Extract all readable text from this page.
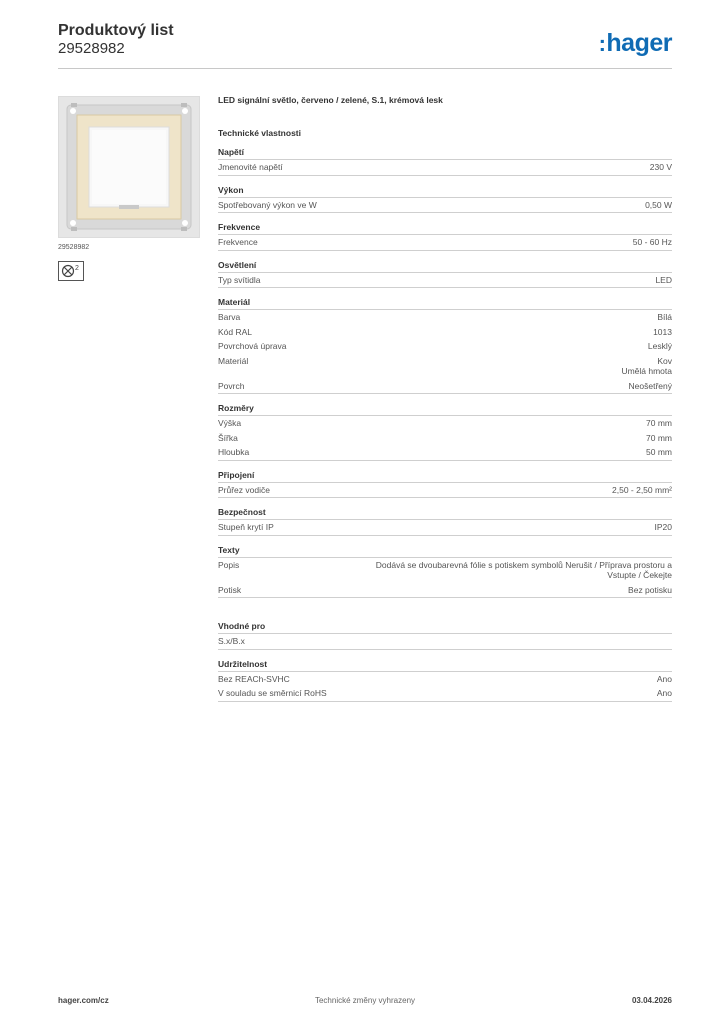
Produktový list
29528982	:hager
29528982
2
LED signální světlo, červeno / zelené, S.1, krémová lesk
Technické vlastnosti
Napětí
Jmenovité napětí	230 V
Výkon
Spotřebovaný výkon ve W	0,50 W
Frekvence
Frekvence	50 - 60 Hz
Osvětlení
Typ svítidla	LED
Materiál
Barva	Bílá
Kód RAL	1013
Povrchová úprava	Lesklý
Materiál	Kov
Umělá hmota
Povrch	Neošetřený
Rozměry
Výška	70 mm
Šířka	70 mm
Hloubka	50 mm
Připojení
Průřez vodiče	2,50 - 2,50 mm²
Bezpečnost
Stupeň krytí IP	IP20
Texty
Popis	Dodává se dvoubarevná fólie s potiskem symbolů Nerušit / Příprava prostoru a
Vstupte / Čekejte
Potisk	Bez potisku
Vhodné pro
S.x/B.x

Udržitelnost
Bez REACh-SVHC	Ano
V souladu se směrnicí RoHS	Ano
hager.com/cz	Technické změny vyhrazeny	03.04.2026
